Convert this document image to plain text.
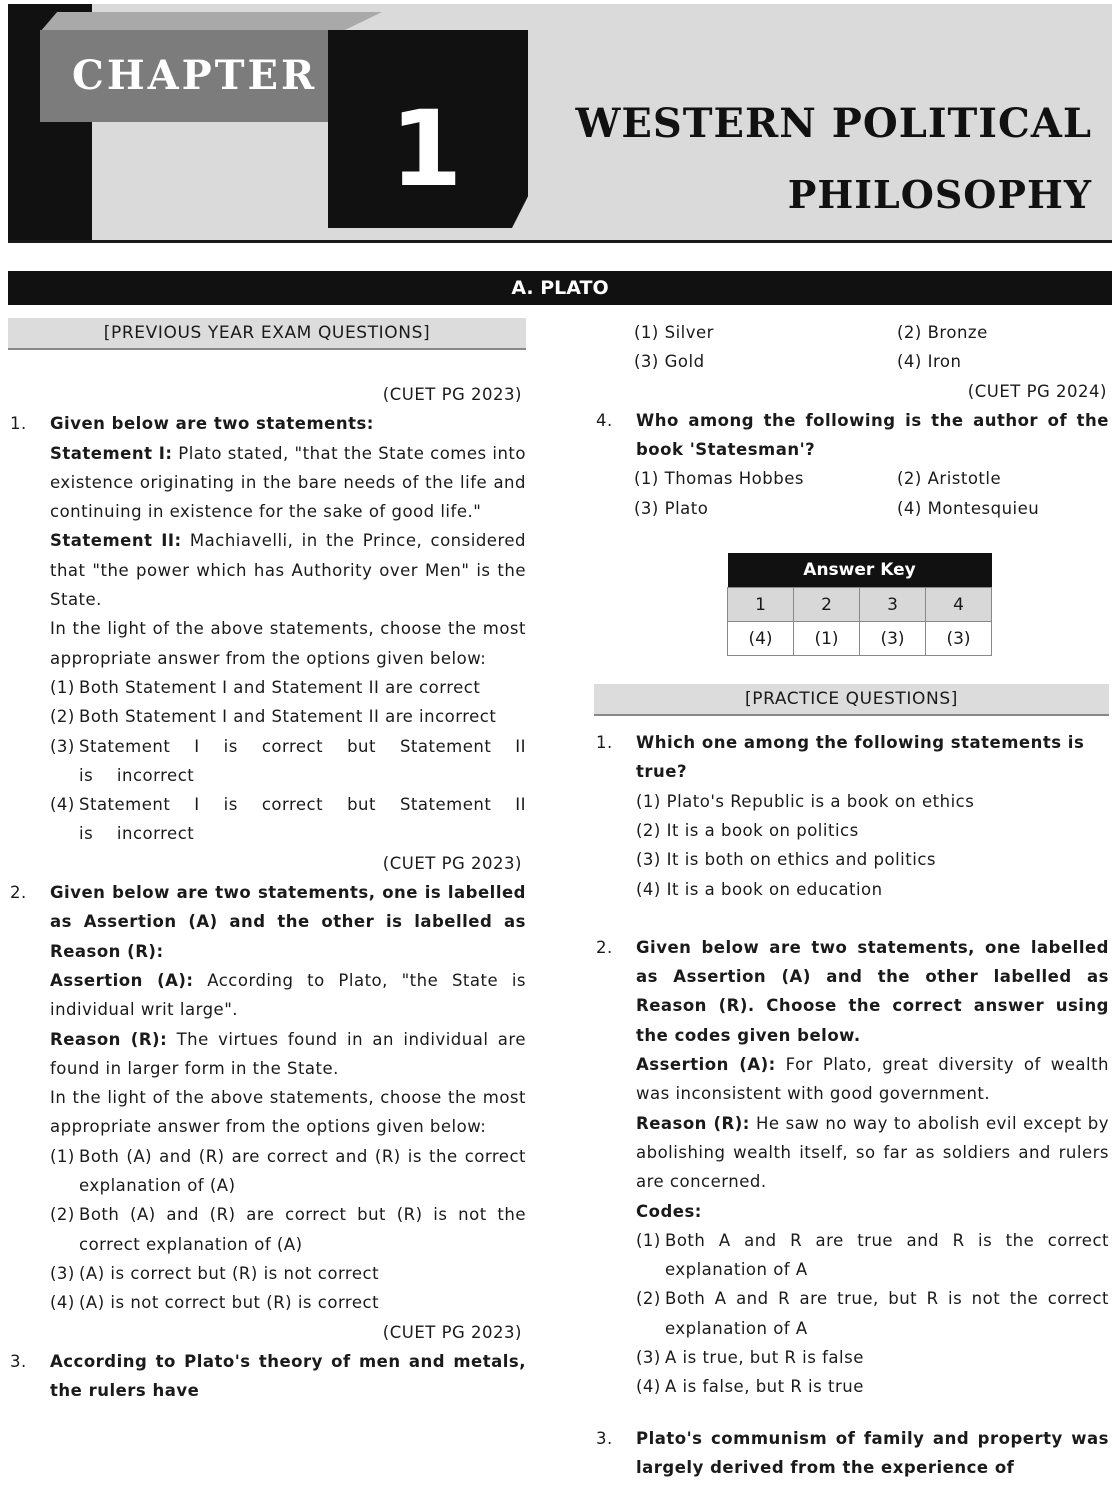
CHAPTER
1	WESTERN POLITICAL
PHILOSOPHY
A. PLATO
[PREVIOUS YEAR EXAM QUESTIONS]
(CUET PG 2023)
1.	Given below are two statements:
Statement I: Plato stated, "that the State comes into existence originating in the bare needs of the life and continuing in existence for the sake of good life."
Statement II: Machiavelli, in the Prince, considered that "the power which has Authority over Men" is the State.
In the light of the above statements, choose the most appropriate answer from the options given below:
(1) Both Statement I and Statement II are correct
(2) Both Statement I and Statement II are incorrect
(3) Statement I is correct but Statement II is incorrect
(4) Statement I is correct but Statement II is incorrect
(CUET PG 2023)
2.	Given below are two statements, one is labelled as Assertion (A) and the other is labelled as Reason (R):
Assertion (A): According to Plato, "the State is individual writ large".
Reason (R): The virtues found in an individual are found in larger form in the State.
In the light of the above statements, choose the most appropriate answer from the options given below:
(1) Both (A) and (R) are correct and (R) is the correct explanation of (A)
(2) Both (A) and (R) are correct but (R) is not the correct explanation of (A)
(3) (A) is correct but (R) is not correct
(4) (A) is not correct but (R) is correct
(CUET PG 2023)
3.	According to Plato's theory of men and metals, the rulers have
(1) Silver	(2) Bronze
(3) Gold	(4) Iron
(CUET PG 2024)
4.	Who among the following is the author of the book 'Statesman'?
(1) Thomas Hobbes	(2) Aristotle
(3) Plato	(4) Montesquieu
[PRACTICE QUESTIONS]
1.	Which one among the following statements is true?
(1) Plato's Republic is a book on ethics
(2) It is a book on politics
(3) It is both on ethics and politics
(4) It is a book on education
2.	Given below are two statements, one labelled as Assertion (A) and the other labelled as Reason (R). Choose the correct answer using the codes given below.
Assertion (A): For Plato, great diversity of wealth was inconsistent with good government.
Reason (R): He saw no way to abolish evil except by abolishing wealth itself, so far as soldiers and rulers are concerned.
Codes:
(1) Both A and R are true and R is the correct explanation of A
(2) Both A and R are true, but R is not the correct explanation of A
(3) A is true, but R is false
(4) A is false, but R is true
3.	Plato's communism of family and property was largely derived from the experience of
Answer Key			
1	2	3	4
(4)	(1)	(3)	(3)
